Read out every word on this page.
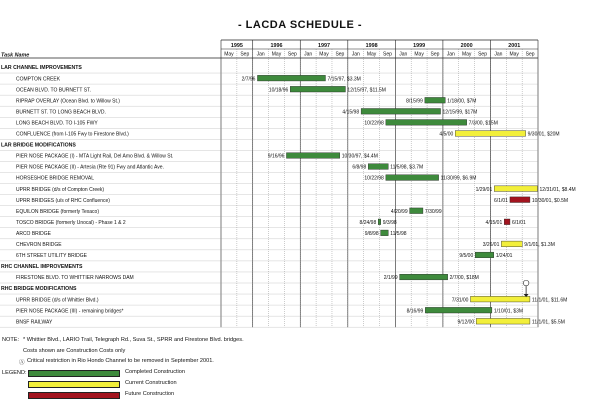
- LACDA SCHEDULE -
1995	1996	1997	1998	1999	2000	2001
May Sep Jan May Sep Jan May Sep Jan May Sep Jan May Sep Jan May Sep Jan May Sep
Task Name
LAR CHANNEL IMPROVEMENTS
COMPTON CREEK	2/7/96	7/15/97, $3.3M
OCEAN BLVD. TO BURNETT ST.	10/18/96	12/15/97, $11.5M
RIPRAP OVERLAY (Ocean Blvd. to Willow St.)	8/15/99	1/18/00, $7M
BURNETT ST. TO LONG BEACH BLVD.	4/15/98	12/15/99, $17M
LONG BEACH BLVD. TO I-105 FWY	10/22/98	7/3/00, $15M
CONFLUENCE (from I-105 Fwy to Firestone Blvd.)	4/5/00	9/30/01, $20M
LAR BRIDGE MODIFICATIONS
PIER NOSE PACKAGE (I) - MTA Light Rail, Del Amo Blvd. & Willow St.	9/16/96	10/30/97, $4.4M
PIER NOSE PACKAGE (II) - Artesia (Rte 91) Fwy and Atlantic Ave.	6/8/98	11/5/98, $3.7M
HORSESHOE BRIDGE REMOVAL	10/22/98	11/30/99, $6.9M
UPRR BRIDGE (d/s of Compton Creek)	1/29/01	12/31/01, $8.4M
UPRR BRIDGES (u/s of RHC Confluence)	6/1/01	10/30/01, $0.5M
EQUILON BRIDGE (formerly Texaco)	4/20/99	7/30/99
TOSCO BRIDGE (formerly Unocal) - Phase 1 & 2	8/24/98 9/3/98	4/15/01 6/1/01
ARCO BRIDGE	9/8/98 11/5/98
CHEVRON BRIDGE	3/26/01	9/1/01, $1.3M
6TH STREET UTILITY BRIDGE	9/5/00	1/24/01
RHC CHANNEL IMPROVEMENTS
FIRESTONE BLVD. TO WHITTIER NARROWS DAM	2/1/99	2/7/00, $18M
RHC BRIDGE MODIFICATIONS
UPRR BRIDGE (d/s of Whittier Blvd.)	7/31/00	11/1/01, $11.6M
PIER NOSE PACKAGE (III) - remaining bridges*	8/16/99	1/10/01, $3M
BNSF RAILWAY	9/12/00	11/1/01, $5.5M
NOTE: * Whittier Blvd., LARIO Trail, Telegraph Rd., Suva St., SPRR and Firestone Blvd. bridges.
Costs shown are Construction Costs only
Ⓐ Critical restriction in Rio Hondo Channel to be removed in September 2001.
LEGEND:	Completed Construction
Current Construction
Future Construction
